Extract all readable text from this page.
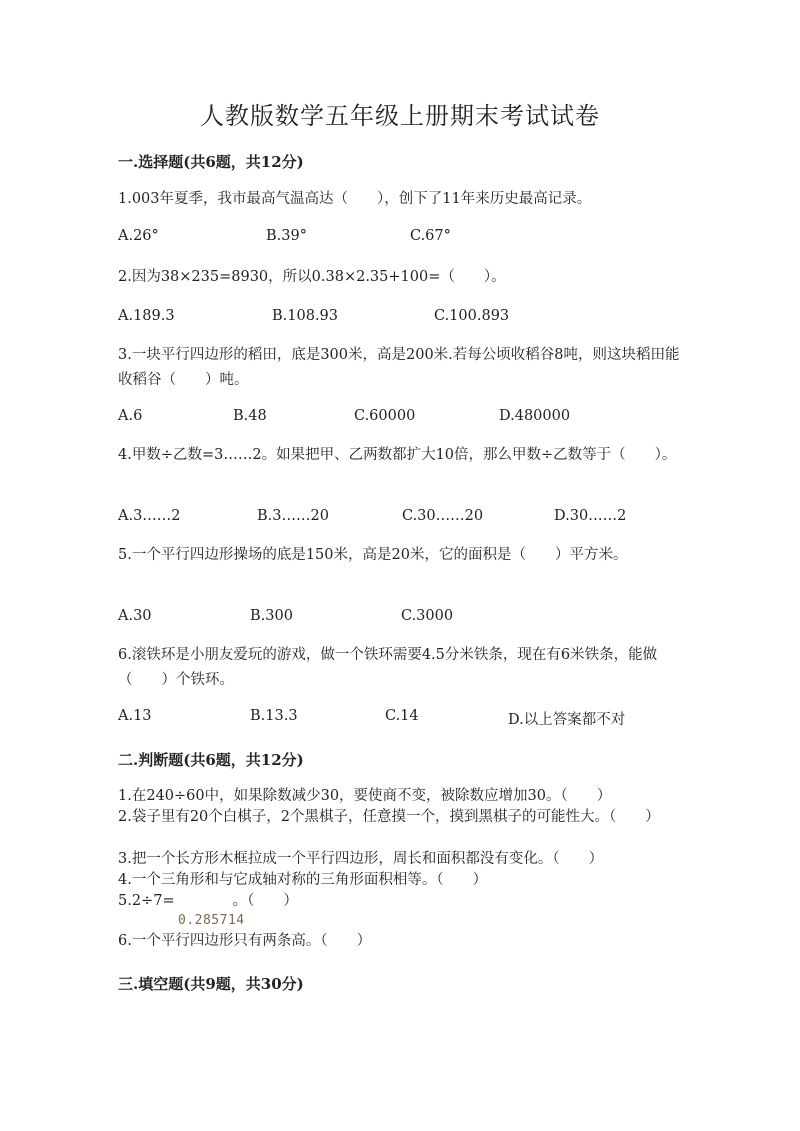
人教版数学五年级上册期末考试试卷
一.选择题(共6题，共12分)
1.003年夏季，我市最高气温高达（　　），创下了11年来历史最高记录。
A.26°	B.39°	C.67°
2.因为38×235=8930，所以0.38×2.35+100=（　　）。
A.189.3	B.108.93	C.100.893
3.一块平行四边形的稻田，底是300米，高是200米.若每公顷收稻谷8吨，则这块稻田能收稻谷（　　）吨。
A.6	B.48	C.60000	D.480000
4.甲数÷乙数=3……2。如果把甲、乙两数都扩大10倍，那么甲数÷乙数等于（　　）。
A.3……2	B.3……20	C.30……20	D.30……2
5.一个平行四边形操场的底是150米，高是20米，它的面积是（　　）平方米。
A.30	B.300	C.3000
6.滚铁环是小朋友爱玩的游戏，做一个铁环需要4.5分米铁条，现在有6米铁条，能做（　　）个铁环。
A.13	B.13.3	C.14	D.以上答案都不对
二.判断题(共6题，共12分)
1.在240÷60中，如果除数减少30，要使商不变，被除数应增加30。（　　）
2.袋子里有20个白棋子，2个黑棋子，任意摸一个，摸到黑棋子的可能性大。（　　）
3.把一个长方形木框拉成一个平行四边形，周长和面积都没有变化。（　　）
4.一个三角形和与它成轴对称的三角形面积相等。（　　）
5.2÷7=　　　　。（　　）
0.285714
6.一个平行四边形只有两条高。（　　）
三.填空题(共9题，共30分)
